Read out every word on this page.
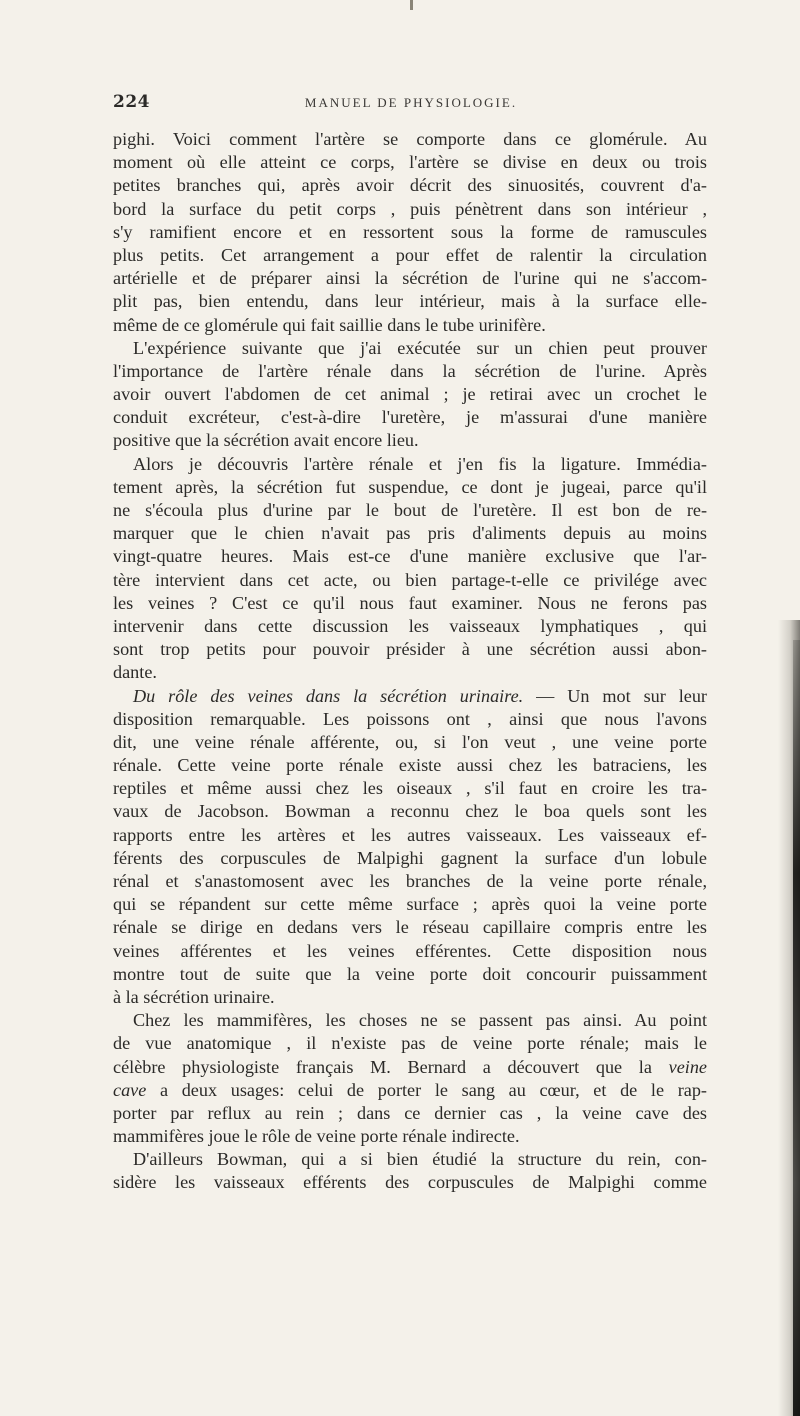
224	MANUEL DE PHYSIOLOGIE.
pighi. Voici comment l'artère se comporte dans ce glomérule. Au
moment où elle atteint ce corps, l'artère se divise en deux ou trois
petites branches qui, après avoir décrit des sinuosités, couvrent d'a-
bord la surface du petit corps , puis pénètrent dans son intérieur ,
s'y ramifient encore et en ressortent sous la forme de ramuscules
plus petits. Cet arrangement a pour effet de ralentir la circulation
artérielle et de préparer ainsi la sécrétion de l'urine qui ne s'accom-
plit pas, bien entendu, dans leur intérieur, mais à la surface elle-
même de ce glomérule qui fait saillie dans le tube urinifère.
L'expérience suivante que j'ai exécutée sur un chien peut prouver
l'importance de l'artère rénale dans la sécrétion de l'urine. Après
avoir ouvert l'abdomen de cet animal ; je retirai avec un crochet le
conduit excréteur, c'est-à-dire l'uretère, je m'assurai d'une manière
positive que la sécrétion avait encore lieu.
Alors je découvris l'artère rénale et j'en fis la ligature. Immédia-
tement après, la sécrétion fut suspendue, ce dont je jugeai, parce qu'il
ne s'écoula plus d'urine par le bout de l'uretère. Il est bon de re-
marquer que le chien n'avait pas pris d'aliments depuis au moins
vingt-quatre heures. Mais est-ce d'une manière exclusive que l'ar-
tère intervient dans cet acte, ou bien partage-t-elle ce privilége avec
les veines ? C'est ce qu'il nous faut examiner. Nous ne ferons pas
intervenir dans cette discussion les vaisseaux lymphatiques , qui
sont trop petits pour pouvoir présider à une sécrétion aussi abon-
dante.
Du rôle des veines dans la sécrétion urinaire. — Un mot sur leur
disposition remarquable. Les poissons ont , ainsi que nous l'avons
dit, une veine rénale afférente, ou, si l'on veut , une veine porte
rénale. Cette veine porte rénale existe aussi chez les batraciens, les
reptiles et même aussi chez les oiseaux , s'il faut en croire les tra-
vaux de Jacobson. Bowman a reconnu chez le boa quels sont les
rapports entre les artères et les autres vaisseaux. Les vaisseaux ef-
férents des corpuscules de Malpighi gagnent la surface d'un lobule
rénal et s'anastomosent avec les branches de la veine porte rénale,
qui se répandent sur cette même surface ; après quoi la veine porte
rénale se dirige en dedans vers le réseau capillaire compris entre les
veines afférentes et les veines efférentes. Cette disposition nous
montre tout de suite que la veine porte doit concourir puissamment
à la sécrétion urinaire.
Chez les mammifères, les choses ne se passent pas ainsi. Au point
de vue anatomique , il n'existe pas de veine porte rénale; mais le
célèbre physiologiste français M. Bernard a découvert que la veine
cave a deux usages: celui de porter le sang au cœur, et de le rap-
porter par reflux au rein ; dans ce dernier cas , la veine cave des
mammifères joue le rôle de veine porte rénale indirecte.
D'ailleurs Bowman, qui a si bien étudié la structure du rein, con-
sidère les vaisseaux efférents des corpuscules de Malpighi comme
